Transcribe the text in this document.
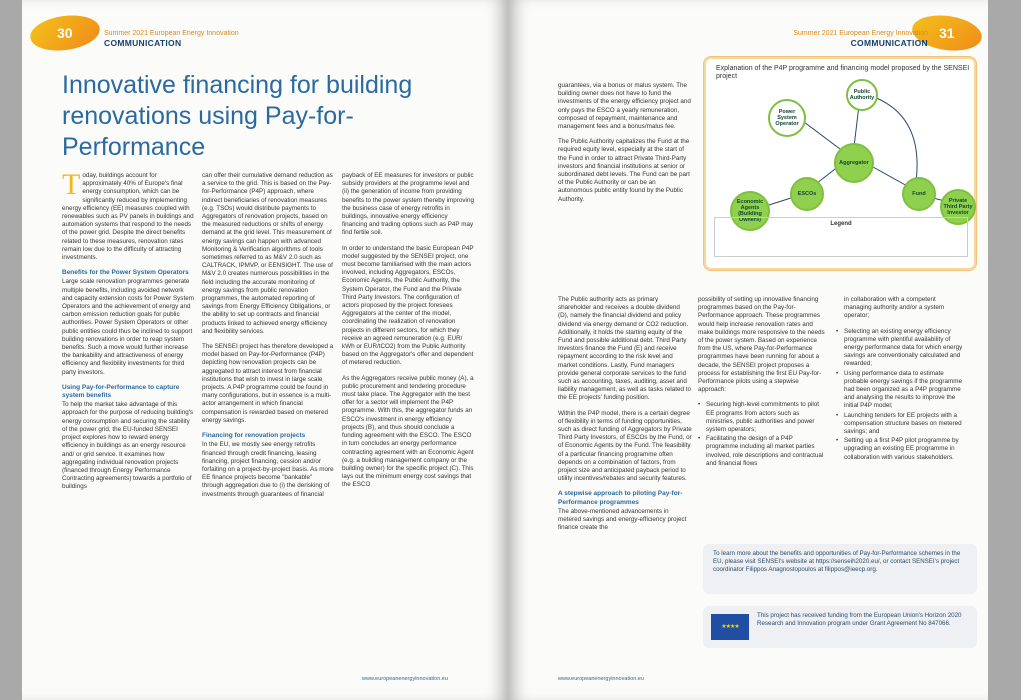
30	Summer 2021 European Energy Innovation
COMMUNICATION
Innovative financing for building renovations using Pay-for-Performance

Today, buildings account for approximately 40% of Europe's final energy consumption, which can be significantly reduced by implementing energy efficiency (EE) measures coupled with renewables such as PV panels in buildings and automation systems that respond to the needs of the power grid. Despite the direct benefits related to these measures, renovation rates remain low due to the difficulty of attracting investments.

Benefits for the Power System Operators

Large scale renovation programmes generate multiple benefits, including avoided network and capacity extension costs for Power System Operators and the achievement of energy and carbon emission reduction goals for public authorities. Power System Operators or other public entities could thus be inclined to support building renovations in order to reap system benefits. Such a move would further increase the bankability and attractiveness of energy efficiency and flexibility investments for third party investors.

Using Pay-for-Performance to capture system benefits

To help the market take advantage of this approach for the purpose of reducing building's energy consumption and securing the stability of the power grid, the EU-funded SENSEI project explores how to reward energy efficiency in buildings as an energy resource and/ or grid service. It examines how aggregating individual renovation projects (financed through Energy Performance Contracting agreements) towards a portfolio of buildings

can offer their cumulative demand reduction as a service to the grid. This is based on the Pay-for-Performance (P4P) approach, where indirect beneficiaries of renovation measures (e.g. TSOs) would distribute payments to Aggregators of renovation projects, based on the measured reductions or shifts of energy demand at the grid level. This measurement of energy savings can happen with advanced Monitoring & Verification algorithms of tools sometimes referred to as M&V 2.0 such as CALTRACK, IPMVP, or EENSIGHT. The use of M&V 2.0 creates numerous possibilities in the field including the accurate monitoring of energy savings from public renovation programmes, the automated reporting of savings from Energy Efficiency Obligations, or the ability to set up contracts and financial products linked to achieved energy efficiency and flexibility services.

The SENSEI project has therefore developed a model based on Pay-for-Performance (P4P) depicting how renovation projects can be aggregated to attract interest from financial institutions that wish to invest in large scale projects. A P4P programme could be found in many configurations, but in essence is a multi-actor arrangement in which financial compensation is rewarded based on metered energy savings.

Financing for renovation projects

In the EU, we mostly see energy retrofits financed through credit financing, leasing financing, project financing, cession and/or forfaiting on a project-by-project basis. As more EE finance projects become "bankable" through aggregation due to (i) the derisking of investments through guarantees of financial

payback of EE measures for investors or public subsidy providers at the programme level and (ii) the generation of income from providing benefits to the power system thereby improving the business case of energy retrofits in buildings, innovative energy efficiency financing and trading options such as P4P may find fertile soil.

In order to understand the basic European P4P model suggested by the SENSEI project, one must become familiarised with the main actors involved, including Aggregators, ESCOs, Economic Agents, the Public Authority, the System Operator, the Fund and the Private Third Party Investors. The configuration of actors proposed by the project foresees Aggregators at the center of the model, coordinating the realization of renovation projects in different sectors, for which they receive an agreed remuneration (e.g. EUR/ kWh or EUR/tCO2) from the Public Authority based on the Aggregator's offer and dependent of metered reduction.

As the Aggregators receive public money (A), a public procurement and tendering procedure must take place. The Aggregator with the best offer for a sector will implement the P4P programme. With this, the aggregator funds an ESCO's investment in energy efficiency projects (B), and thus should conclude a funding agreement with the ESCO. The ESCO in turn concludes an energy performance contracting agreement with an Economic Agent (e.g. a building management company or the building owner) for the specific project (C). This lays out the minimum energy cost savings that the ESCO

www.europeanenergyinnovation.eu
31
Summer 2021 European Energy Innovation
COMMUNICATION

guarantees, via a bonus or malus system. The building owner does not have to fund the investments of the energy efficiency project and only pays the ESCO a yearly remuneration, composed of repayment, maintenance and management fees and a bonus/malus fee.

The Public Authority capitalizes the Fund at the required equity level, especially at the start of the Fund in order to attract Private Third-Party investors and financial institutions at senior or subordinated debt levels. The Fund can be part of the Public Authority or can be an autonomous public entity found by the Public Authority.

Explanation of the P4P programme and financing model proposed by the SENSEI project
Public Authority
Power System Operator
Aggregator
ESCOs	Fund
Economic Agents (Building Owners)
Private Third Party Investor
Legend

The Public authority acts as primary shareholder and receives a double dividend (D), namely the financial dividend and policy dividend via energy demand or CO2 reduction. Additionally, it holds the starting equity of the Fund and possible additional debt. Third Party Investors finance the Fund (E) and receive repayment according to the risk level and market conditions. Lastly, Fund managers provide general corporate services to the fund such as accounting, taxes, auditing, asset and liability management, as well as tasks related to the EE projects' funding position.

Within the P4P model, there is a certain degree of flexibility in terms of funding opportunities, such as direct funding of Aggregators by Private Third Party Investors, of ESCOs by the Fund, or of Economic Agents by the Fund. The feasibility of a particular financing programme often depends on a combination of factors, from project size and anticipated payback period to utility incentives/rebates and security features.

A stepwise approach to piloting Pay-for-Performance programmes

The above-mentioned advancements in metered savings and energy-efficiency project finance create the

possibility of setting up innovative financing programmes based on the Pay-for-Performance approach. These programmes would help increase renovation rates and make buildings more responsive to the needs of the power system. Based on experience from the US, where Pay-for-Performance programmes have been running for about a decade, the SENSEI project proposes a process for establishing the first EU Pay-for-Performance pilots using a stepwise approach:

• Securing high-level commitments to pilot EE programs from actors such as ministries, public authorities and power system operators;
• Facilitating the design of a P4P programme including all market parties involved, role descriptions and contractual and financial flows

in collaboration with a competent managing authority and/or a system operator;

• Selecting an existing energy efficiency programme with plentiful availability of energy performance data for which energy savings are conventionally calculated and rewarded;
• Using performance data to estimate probable energy savings if the programme had been organized as a P4P programme and analysing the results to improve the initial P4P model;
• Launching tenders for EE projects with a compensation structure bases on metered savings; and
• Setting up a first P4P pilot programme by upgrading an existing EE programme in collaboration with various stakeholders.
To learn more about the benefits and opportunities of Pay-for-Performance schemes in the EU, please visit SENSEI's website at https://senseih2020.eu/, or contact SENSEI's project coordinator Filippos Anagnostopoulos at filippos@ieecp.org.
★★★★
This project has received funding from the European Union's Horizon 2020 Research and Innovation program under Grant Agreement No 847066.
www.europeanenergyinnovation.eu
